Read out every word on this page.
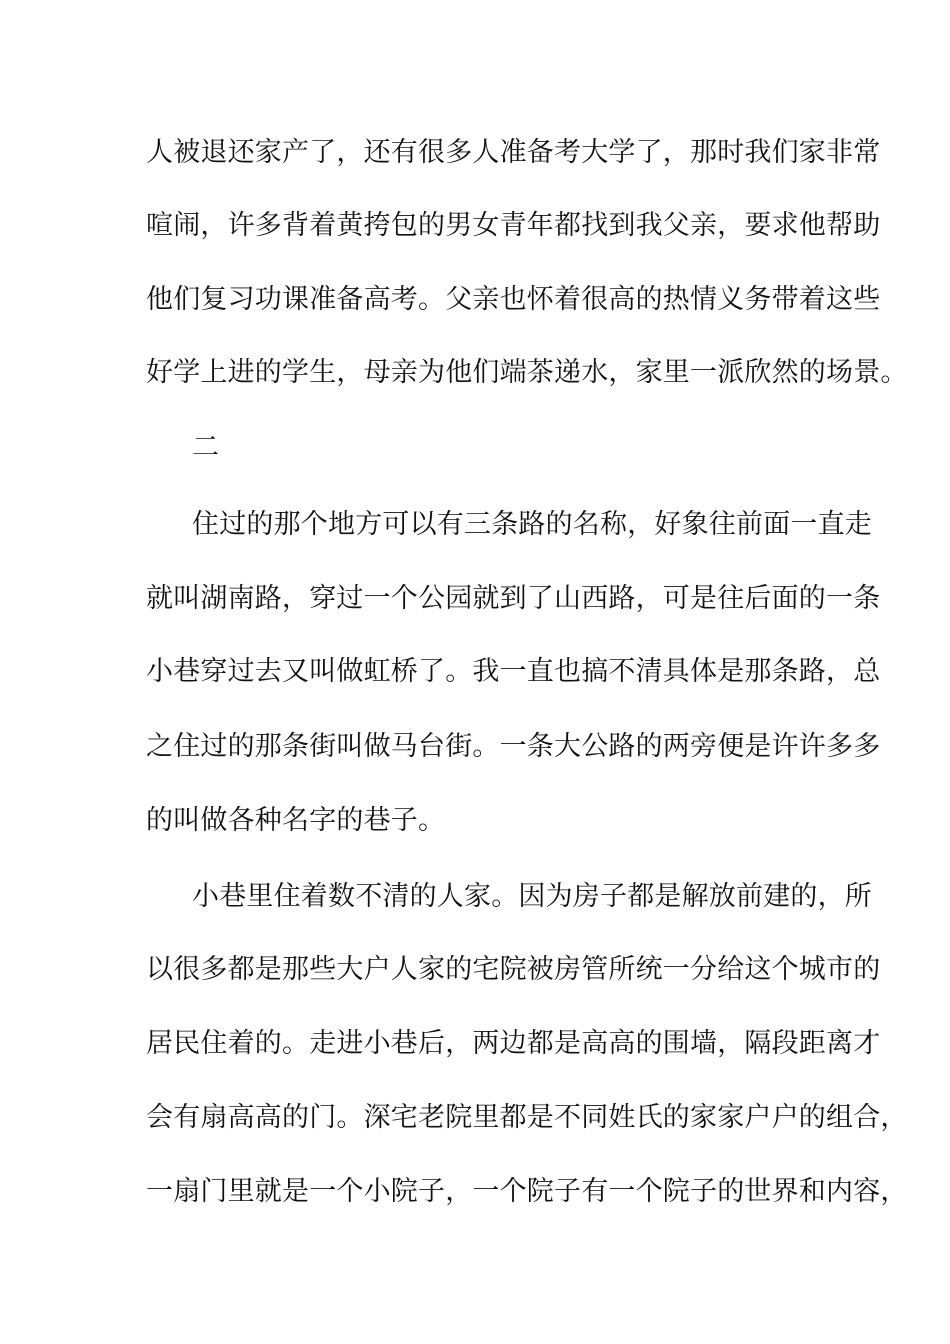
人被退还家产了，还有很多人准备考大学了，那时我们家非常
喧闹，许多背着黄挎包的男女青年都找到我父亲，要求他帮助
他们复习功课准备高考。父亲也怀着很高的热情义务带着这些
好学上进的学生，母亲为他们端茶递水，家里一派欣然的场景。
二
住过的那个地方可以有三条路的名称，好象往前面一直走
就叫湖南路，穿过一个公园就到了山西路，可是往后面的一条
小巷穿过去又叫做虹桥了。我一直也搞不清具体是那条路，总
之住过的那条街叫做马台街。一条大公路的两旁便是许许多多
的叫做各种名字的巷子。
小巷里住着数不清的人家。因为房子都是解放前建的，所
以很多都是那些大户人家的宅院被房管所统一分给这个城市的
居民住着的。走进小巷后，两边都是高高的围墙，隔段距离才
会有扇高高的门。深宅老院里都是不同姓氏的家家户户的组合，
一扇门里就是一个小院子，一个院子有一个院子的世界和内容，
